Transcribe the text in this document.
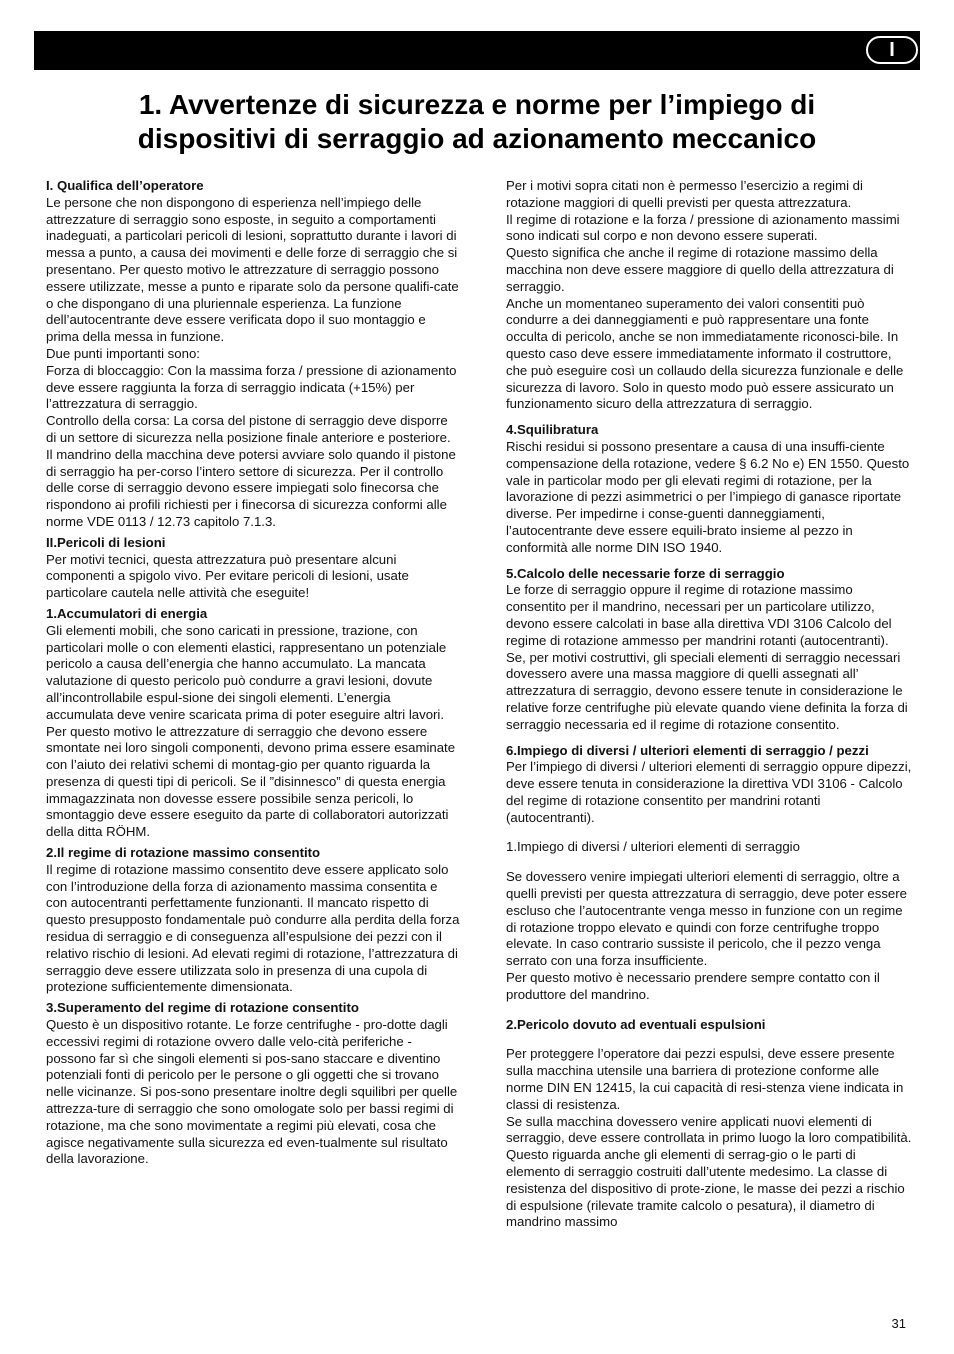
I
1. Avvertenze di sicurezza e norme per l’impiego di
dispositivi di serraggio ad azionamento meccanico

I. Qualifica dell’operatore

Le persone che non dispongono di esperienza nell’impiego delle attrezzature di serraggio sono esposte, in seguito a comportamenti inadeguati, a particolari pericoli di lesioni, soprattutto durante i lavori di messa a punto, a causa dei movimenti e delle forze di serraggio che si presentano. Per questo motivo le attrezzature di serraggio possono essere utilizzate, messe a punto e riparate solo da persone qualifi-cate o che dispongano di una pluriennale esperienza. La funzione dell’autocentrante deve essere verificata dopo il suo montaggio e prima della messa in funzione.

Due punti importanti sono:

Forza di bloccaggio: Con la massima forza / pressione di azionamento deve essere raggiunta la forza di serraggio indicata (+15%) per l’attrezzatura di serraggio.

Controllo della corsa: La corsa del pistone di serraggio deve disporre di un settore di sicurezza nella posizione finale anteriore e posteriore. Il mandrino della macchina deve potersi avviare solo quando il pistone di serraggio ha per-corso l’intero settore di sicurezza. Per il controllo delle corse di serraggio devono essere impiegati solo finecorsa che rispondono ai profili richiesti per i finecorsa di sicurezza conformi alle norme VDE 0113 / 12.73 capitolo 7.1.3.

II.Pericoli di lesioni

Per motivi tecnici, questa attrezzatura può presentare alcuni componenti a spigolo vivo. Per evitare pericoli di lesioni, usate particolare cautela nelle attività che eseguite!

1.Accumulatori di energia

Gli elementi mobili, che sono caricati in pressione, trazione, con particolari molle o con elementi elastici, rappresentano un potenziale pericolo a causa dell’energia che hanno accumulato. La mancata valutazione di questo pericolo può condurre a gravi lesioni, dovute all’incontrollabile espul-sione dei singoli elementi. L’energia accumulata deve venire scaricata prima di poter eseguire altri lavori. Per questo motivo le attrezzature di serraggio che devono essere smontate nei loro singoli componenti, devono prima essere esaminate con l’aiuto dei relativi schemi di montag-gio per quanto riguarda la presenza di questi tipi di pericoli. Se il ”disinnesco” di questa energia immagazzinata non dovesse essere possibile senza pericoli, lo smontaggio deve essere eseguito da parte di collaboratori autorizzati della ditta RÖHM.

2.Il regime di rotazione massimo consentito

Il regime di rotazione massimo consentito deve essere applicato solo con l’introduzione della forza di azionamento massima consentita e con autocentranti perfettamente funzionanti. Il mancato rispetto di questo presupposto fondamentale può condurre alla perdita della forza residua di serraggio e di conseguenza all’espulsione dei pezzi con il relativo rischio di lesioni. Ad elevati regimi di rotazione, l’attrezzatura di serraggio deve essere utilizzata solo in presenza di una cupola di protezione sufficientemente dimensionata.

3.Superamento del regime di rotazione consentito

Questo è un dispositivo rotante. Le forze centrifughe - pro-dotte dagli eccessivi regimi di rotazione ovvero dalle velo-cità periferiche - possono far sì che singoli elementi si pos-sano staccare e diventino potenziali fonti di pericolo per le persone o gli oggetti che si trovano nelle vicinanze. Si pos-sono presentare inoltre degli squilibri per quelle attrezza-ture di serraggio che sono omologate solo per bassi regimi di rotazione, ma che sono movimentate a regimi più elevati, cosa che agisce negativamente sulla sicurezza ed even-tualmente sul risultato della lavorazione.

Per i motivi sopra citati non è permesso l’esercizio a regimi di rotazione maggiori di quelli previsti per questa attrezzatura.

Il regime di rotazione e la forza / pressione di azionamento massimi sono indicati sul corpo e non devono essere superati.

Questo significa che anche il regime di rotazione massimo della macchina non deve essere maggiore di quello della attrezzatura di serraggio.

Anche un momentaneo superamento dei valori consentiti può condurre a dei danneggiamenti e può rappresentare una fonte occulta di pericolo, anche se non immediatamente riconosci-bile. In questo caso deve essere immediatamente informato il costruttore, che può eseguire così un collaudo della sicurezza funzionale e delle sicurezza di lavoro. Solo in questo modo può essere assicurato un funzionamento sicuro della attrezzatura di serraggio.

4.Squilibratura

Rischi residui si possono presentare a causa di una insuffi-ciente compensazione della rotazione, vedere § 6.2 No e) EN 1550. Questo vale in particolar modo per gli elevati regimi di rotazione, per la lavorazione di pezzi asimmetrici o per l’impiego di ganasce riportate diverse. Per impedirne i conse-guenti danneggiamenti, l’autocentrante deve essere equili-brato insieme al pezzo in conformità alle norme DIN ISO 1940.

5.Calcolo delle necessarie forze di serraggio

Le forze di serraggio oppure il regime di rotazione massimo consentito per il mandrino, necessari per un particolare utilizzo, devono essere calcolati in base alla direttiva VDI 3106 Calcolo del regime di rotazione ammesso per mandrini rotanti (autocentranti). Se, per motivi costruttivi, gli speciali elementi di serraggio necessari dovessero avere una massa maggiore di quelli assegnati all’ attrezzatura di serraggio, devono essere tenute in considerazione le relative forze centrifughe più elevate quando viene definita la forza di serraggio necessaria ed il regime di rotazione consentito.

6.Impiego di diversi / ulteriori elementi di serraggio / pezzi

Per l’impiego di diversi / ulteriori elementi di serraggio oppure dipezzi, deve essere tenuta in considerazione la direttiva VDI 3106 - Calcolo del regime di rotazione consentito per mandrini rotanti (autocentranti).

1.Impiego di diversi / ulteriori elementi di serraggio

Se dovessero venire impiegati ulteriori elementi di serraggio, oltre a quelli previsti per questa attrezzatura di serraggio, deve poter essere escluso che l’autocentrante venga messo in funzione con un regime di rotazione troppo elevato e quindi con forze centrifughe troppo elevate. In caso contrario sussiste il pericolo, che il pezzo venga serrato con una forza insufficiente.

Per questo motivo è necessario prendere sempre contatto con il produttore del mandrino.

2.Pericolo dovuto ad eventuali espulsioni

Per proteggere l’operatore dai pezzi espulsi, deve essere presente sulla macchina utensile una barriera di protezione conforme alle norme DIN EN 12415, la cui capacità di resi-stenza viene indicata in classi di resistenza.

Se sulla macchina dovessero venire applicati nuovi elementi di serraggio, deve essere controllata in primo luogo la loro compatibilità. Questo riguarda anche gli elementi di serrag-gio o le parti di elemento di serraggio costruiti dall’utente medesimo. La classe di resistenza del dispositivo di prote-zione, le masse dei pezzi a rischio di espulsione (rilevate tramite calcolo o pesatura), il diametro di mandrino massimo

31
